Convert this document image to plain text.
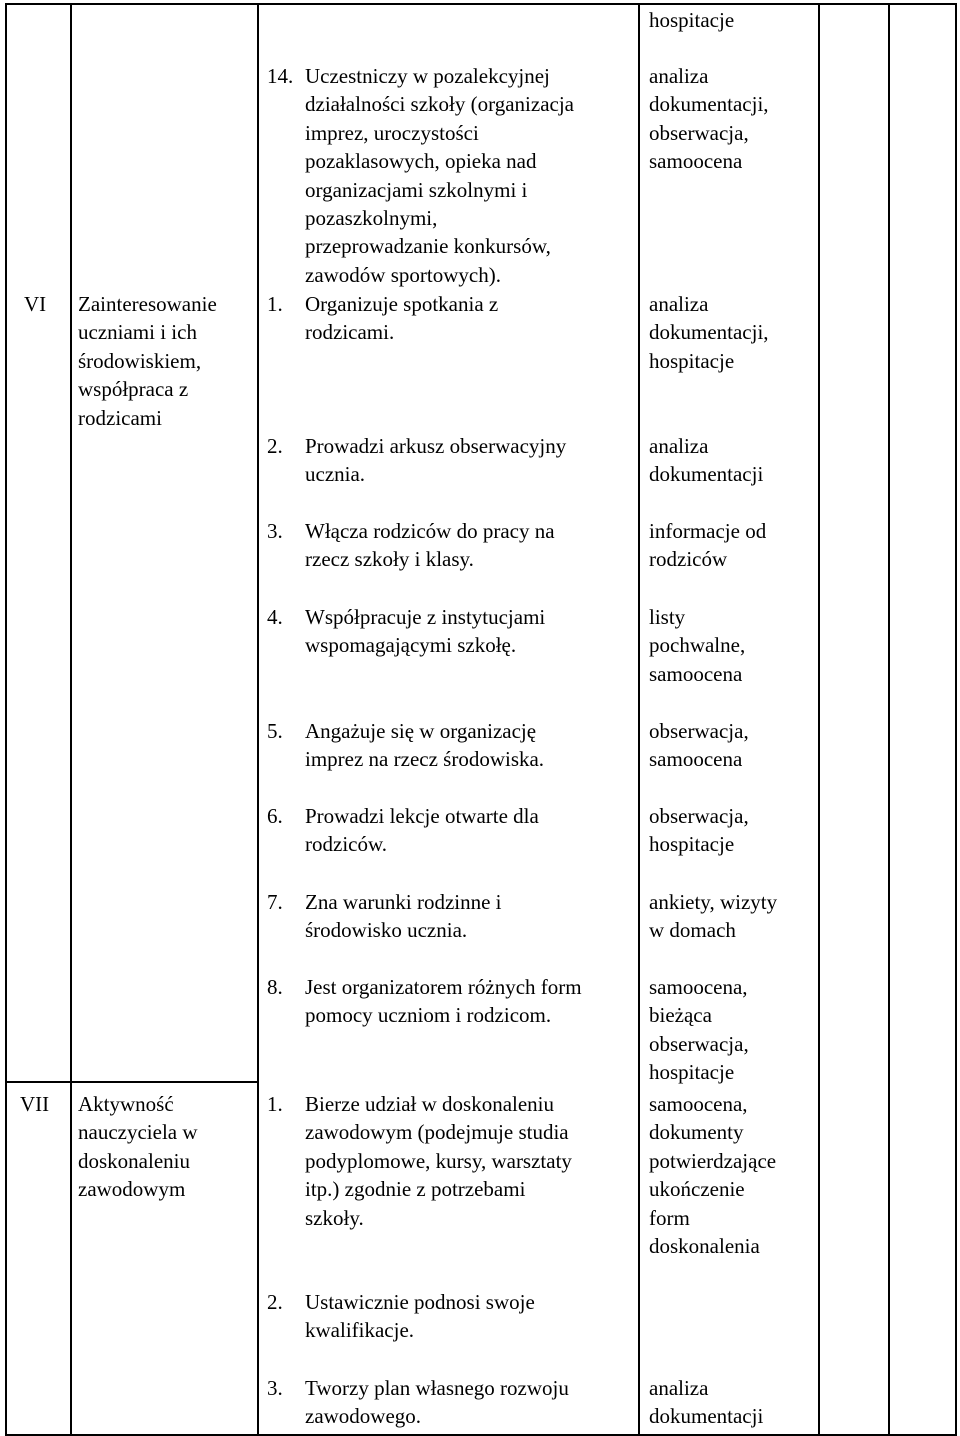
hospitacje
VI Zainteresowanie
uczniami i ich
środowiskiem,
współpraca z
rodzicami
VII Aktywność
nauczyciela w
doskonaleniu
zawodowym
14. Uczestniczy w pozalekcyjnej
działalności szkoły (organizacja
imprez, uroczystości
pozaklasowych, opieka nad
organizacjami szkolnymi i
pozaszkolnymi,
przeprowadzanie konkursów,
zawodów sportowych).
analiza
dokumentacji,
obserwacja,
samoocena
1. Organizuje spotkania z
rodzicami.
analiza
dokumentacji,
hospitacje
2. Prowadzi arkusz obserwacyjny
ucznia.
analiza
dokumentacji
3. Włącza rodziców do pracy na
rzecz szkoły i klasy.
informacje od
rodziców
4. Współpracuje z instytucjami
wspomagającymi szkołę.
listy
pochwalne,
samoocena
5. Angażuje się w organizację
imprez na rzecz środowiska.
obserwacja,
samoocena
6. Prowadzi lekcje otwarte dla
rodziców.
obserwacja,
hospitacje
7. Zna warunki rodzinne i
środowisko ucznia.
ankiety, wizyty
w domach
8. Jest organizatorem różnych form
pomocy uczniom i rodzicom.
samoocena,
bieżąca
obserwacja,
hospitacje
1. Bierze udział w doskonaleniu
zawodowym (podejmuje studia
podyplomowe, kursy, warsztaty
itp.) zgodnie z potrzebami
szkoły.
samoocena,
dokumenty
potwierdzające
ukończenie
form
doskonalenia
2. Ustawicznie podnosi swoje
kwalifikacje.
3. Tworzy plan własnego rozwoju
zawodowego.
analiza
dokumentacji
